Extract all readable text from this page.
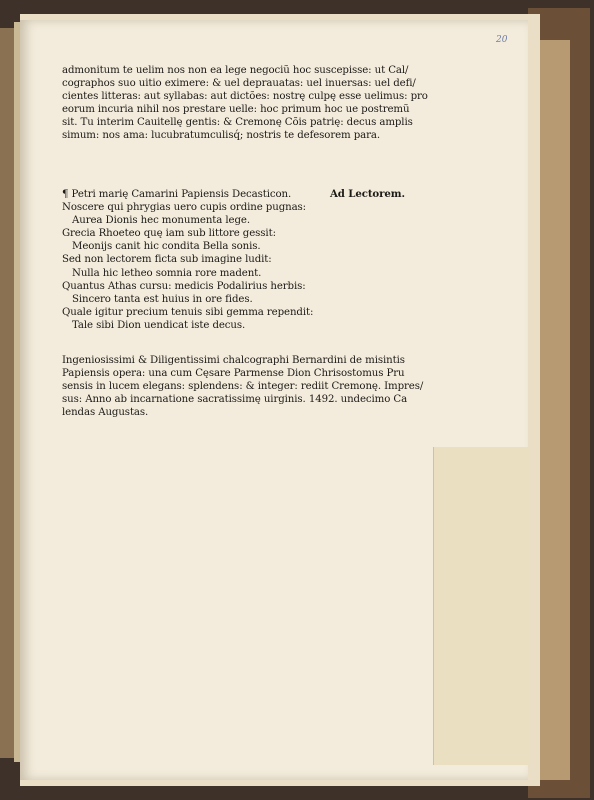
20
admonitum te uelim nos non ea lege negociũ hoc suscepisse: ut Cal/
cographos suo uitio eximere: & uel deprauatas: uel inuersas: uel defi/
cientes litteras: aut syllabas: aut dictões: nostrę culpę esse uelimus: pro
eorum incuria nihil nos prestare uelle: hoc primum hoc ue postremũ
sit. Tu interim Cauitellę gentis: & Cremonę Cõis patrię: decus amplis
simum: nos ama: lucubratumculisq́; nostris te defesorem para.
¶ Petri marię Camarini Papiensis Decasticon.	Ad Lectorem.
Noscere qui phrygias uero cupis ordine pugnas:
Aurea Dionis hec monumenta lege.
Grecia Rhoeteo quę iam sub littore gessit:
Meonijs canit hic condita Bella sonis.
Sed non lectorem ficta sub imagine ludit:
Nulla hic letheo somnia rore madent.
Quantus Athas cursu: medicis Podalirius herbis:
Sincero tanta est huius in ore fides.
Quale igitur precium tenuis sibi gemma rependit:
Tale sibi Dion uendicat iste decus.
Ingeniosissimi & Diligentissimi chalcographi Bernardini de misintis
Papiensis opera: una cum Cęsare Parmense Dion Chrisostomus Pru
sensis in lucem elegans: splendens: & integer: rediit Cremonę. Impres/
sus: Anno ab incarnatione sacratissimę uirginis. 1492. undecimo Ca
lendas Augustas.
